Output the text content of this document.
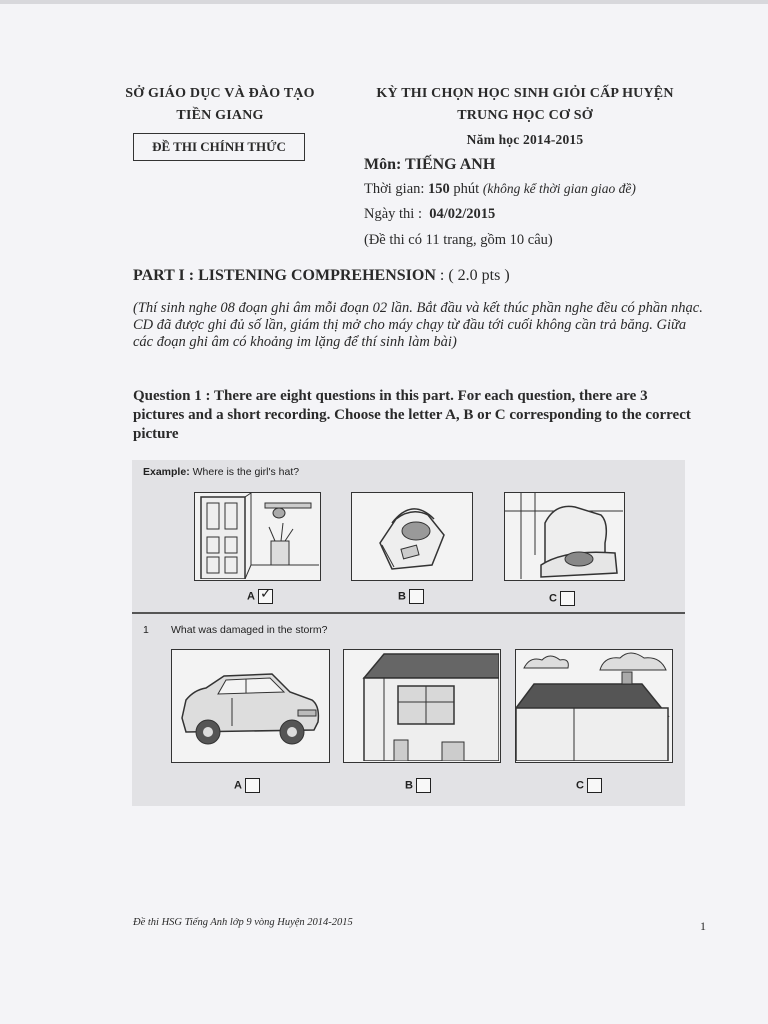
SỞ GIÁO DỤC VÀ ĐÀO TẠO
TIỀN GIANG
ĐỀ THI CHÍNH THỨC
KỲ THI CHỌN HỌC SINH GIỎI CẤP HUYỆN
TRUNG HỌC CƠ SỞ
Năm học 2014-2015
Môn: TIẾNG ANH
Thời gian: 150 phút (không kể thời gian giao đề)
Ngày thi :  04/02/2015
(Đề thi có 11 trang, gồm 10 câu)
PART I : LISTENING COMPREHENSION : ( 2.0 pts )
(Thí sinh nghe 08 đoạn ghi âm mỗi đoạn 02 lần. Bắt đầu và kết thúc phần nghe đều có phần nhạc. CD đã được ghi đủ số lần, giám thị mở cho máy chạy từ đầu tới cuối không cần trả băng. Giữa các đoạn ghi âm có khoảng im lặng để thí sinh làm bài)
Question 1 : There are eight questions in this part. For each question, there are 3 pictures and a short recording. Choose the letter A, B or C corresponding to the correct picture
Example: Where is the girl's hat?
A ✓	B	C
1 What was damaged in the storm?
A	B	C
Đề thi HSG Tiếng Anh lớp 9 vòng Huyện 2014-2015	1
